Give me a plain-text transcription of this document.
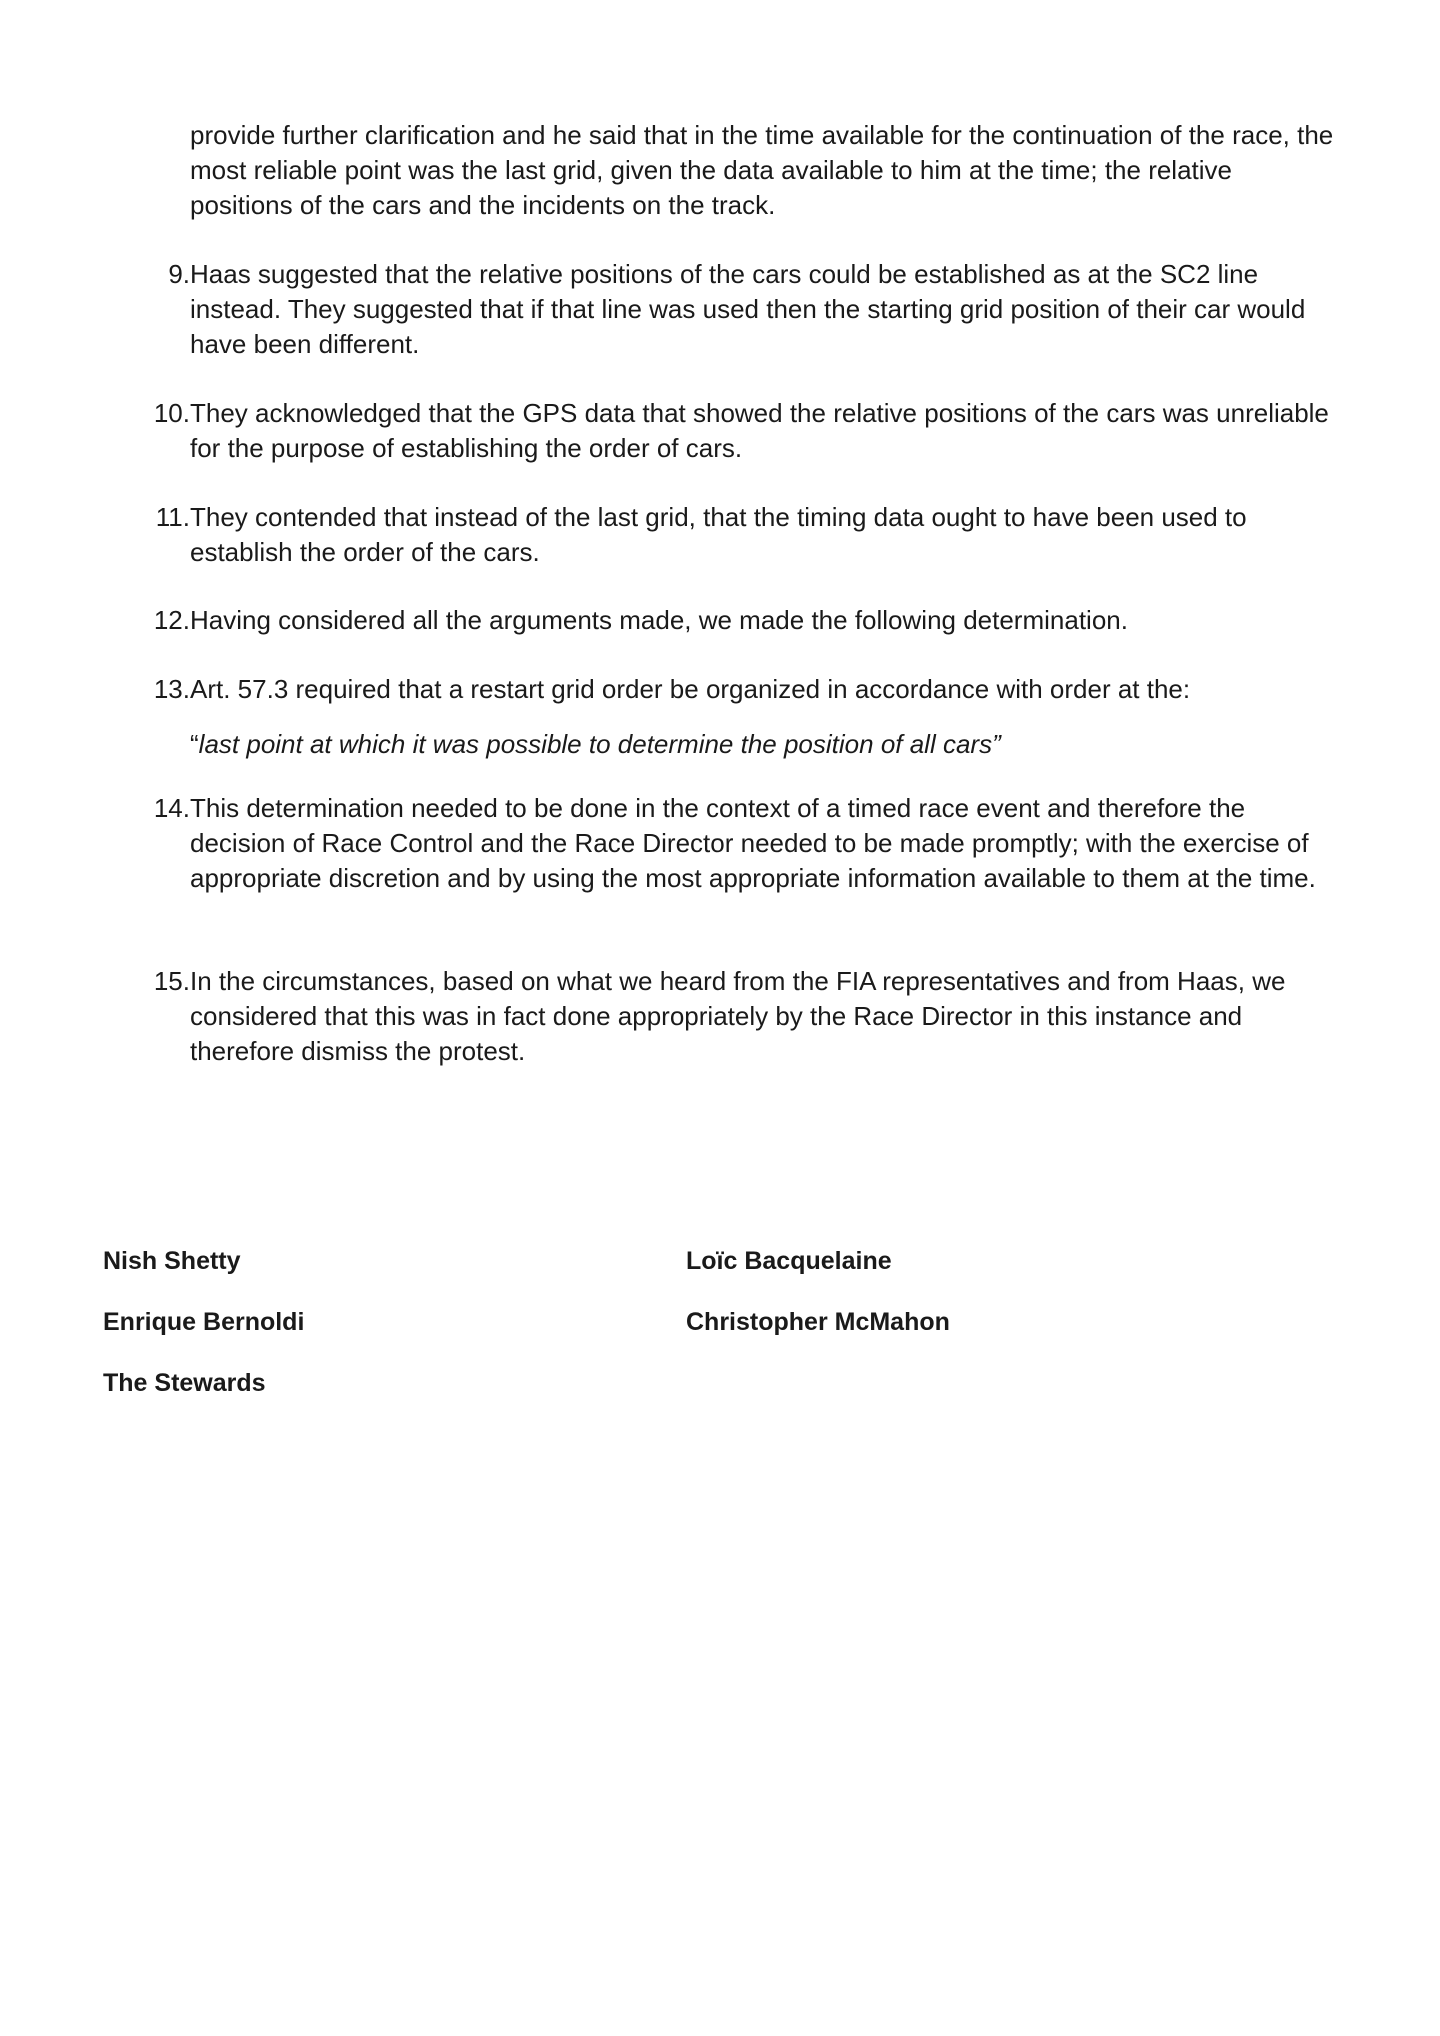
provide further clarification and he said that in the time available for the continuation of the race, the most reliable point was the last grid, given the data available to him at the time; the relative positions of the cars and the incidents on the track.

9. Haas suggested that the relative positions of the cars could be established as at the SC2 line instead. They suggested that if that line was used then the starting grid position of their car would have been different.
10. They acknowledged that the GPS data that showed the relative positions of the cars was unreliable for the purpose of establishing the order of cars.
11. They contended that instead of the last grid, that the timing data ought to have been used to establish the order of the cars.
12. Having considered all the arguments made, we made the following determination.
13. Art. 57.3 required that a restart grid order be organized in accordance with order at the:
“last point at which it was possible to determine the position of all cars”
14. This determination needed to be done in the context of a timed race event and therefore the decision of Race Control and the Race Director needed to be made promptly; with the exercise of appropriate discretion and by using the most appropriate information available to them at the time.
15. In the circumstances, based on what we heard from the FIA representatives and from Haas, we considered that this was in fact done appropriately by the Race Director in this instance and therefore dismiss the protest.
Nish Shetty	Loïc Bacquelaine
Enrique Bernoldi	Christopher McMahon
The Stewards
